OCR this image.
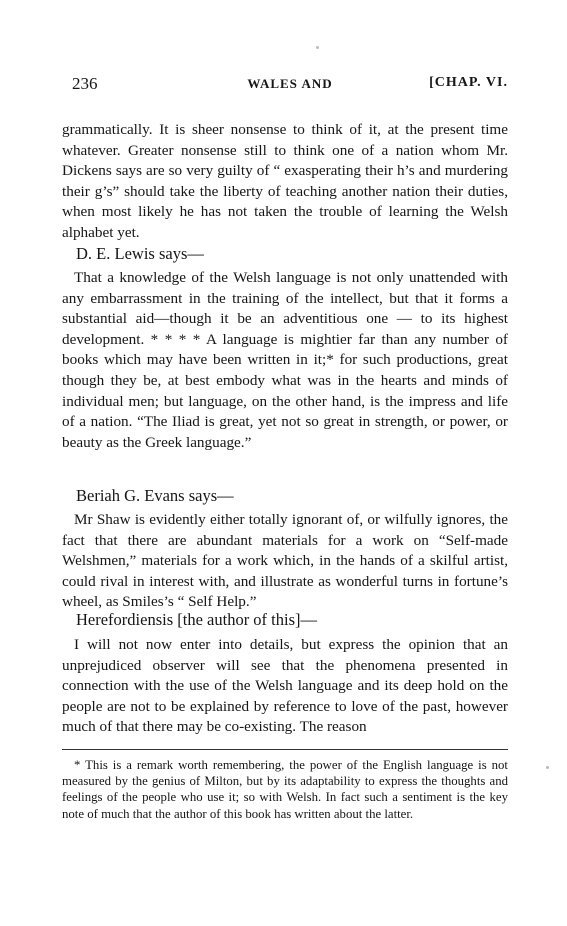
236	WALES AND	[CHAP. VI.

grammatically. It is sheer nonsense to think of it, at the present time whatever. Greater nonsense still to think one of a nation whom Mr. Dickens says are so very guilty of “ exasperating their h’s and murdering their g’s” should take the liberty of teaching another nation their duties, when most likely he has not taken the trouble of learning the Welsh alphabet yet.

D. E. Lewis says—

That a knowledge of the Welsh language is not only unattended with any embarrassment in the training of the intellect, but that it forms a substantial aid—though it be an adventitious one — to its highest development. * * * * A language is mightier far than any number of books which may have been written in it;* for such productions, great though they be, at best embody what was in the hearts and minds of individual men; but language, on the other hand, is the impress and life of a nation. “The Iliad is great, yet not so great in strength, or power, or beauty as the Greek language.”

Beriah G. Evans says—

Mr Shaw is evidently either totally ignorant of, or wilfully ignores, the fact that there are abundant materials for a work on “Self-made Welshmen,” materials for a work which, in the hands of a skilful artist, could rival in interest with, and illustrate as wonderful turns in fortune’s wheel, as Smiles’s “ Self Help.”

Herefordiensis [the author of this]—

I will not now enter into details, but express the opinion that an unprejudiced observer will see that the phenomena presented in connection with the use of the Welsh language and its deep hold on the people are not to be explained by reference to love of the past, however much of that there may be co-existing. The reason

* This is a remark worth remembering, the power of the English language is not measured by the genius of Milton, but by its adaptability to express the thoughts and feelings of the people who use it; so with Welsh. In fact such a sentiment is the key note of much that the author of this book has written about the latter.
